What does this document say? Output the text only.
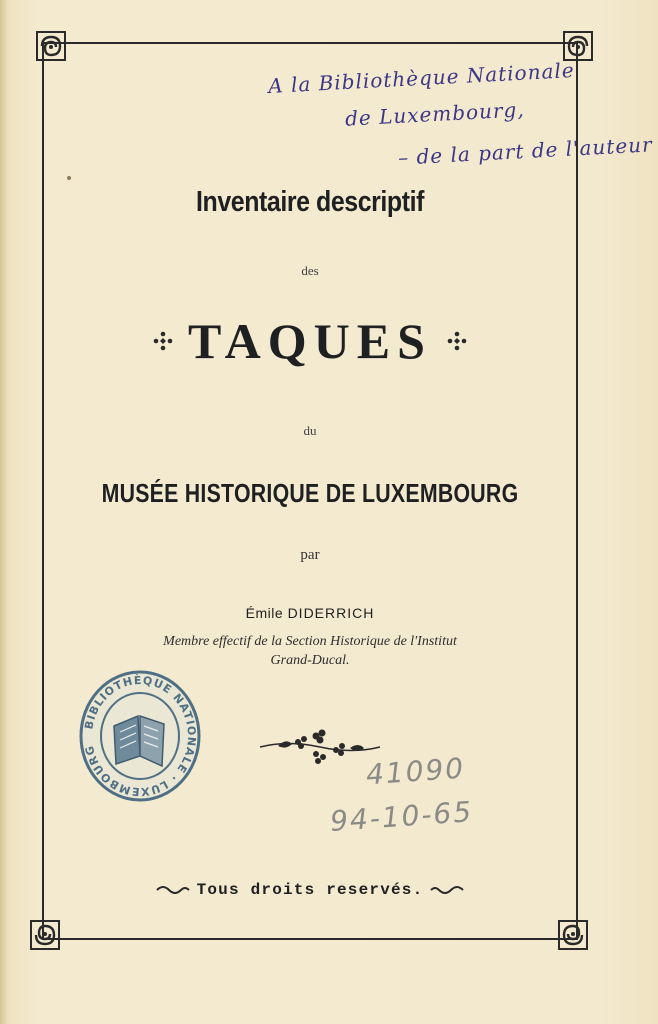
A la Bibliothèque Nationale
de Luxembourg,
– de la part de l'auteur
Inventaire descriptif
des
TAQUES
du
MUSÉE HISTORIQUE DE LUXEMBOURG
par
Émile DIDERRICH
Membre effectif de la Section Historique de l'Institut
Grand-Ducal.
BIBLIOTHÈQUE NATIONALE · LUXEMBOURG
41090
94-10-65
Tous droits reservés.
